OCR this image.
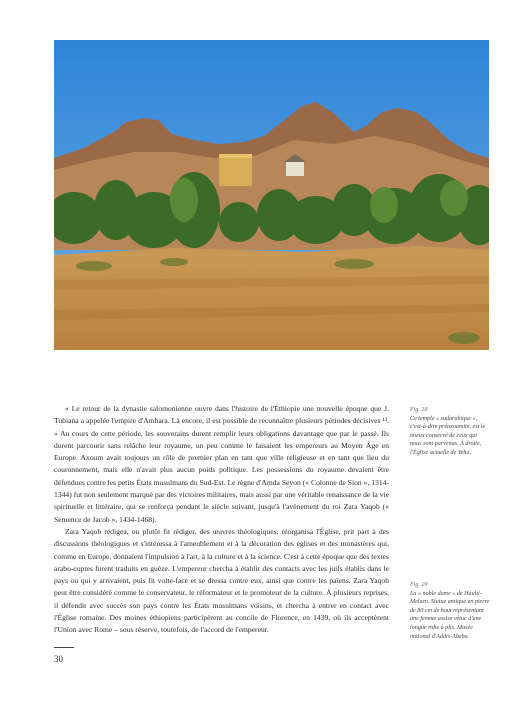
« Le retour de la dynastie salomonienne ouvre dans l'histoire de l'Éthiopie une nouvelle époque que J. Tubiana a appelée l'empire d'Amhara. Là encore, il est possible de reconnaître plusieurs périodes décisives ¹³. » Au cours de cette période, les souverains durent remplir leurs obligations davantage que par le passé. Ils durent parcourir sans relâche leur royaume, un peu comme le faisaient les empereurs au Moyen Âge en Europe. Axoum avait toujours un rôle de premier plan en tant que ville religieuse et en tant que lieu du couronnement, mais elle n'avait plus aucun poids politique. Les possessions du royaume devaient être défendues contre les petits États musulmans du Sud-Est. Le règne d'Amda Seyon (« Colonne de Sion », 1314-1344) fut non seulement marqué par des victoires militaires, mais aussi par une véritable renaissance de la vie spirituelle et littéraire, qui se renforça pendant le siècle suivant, jusqu'à l'avènement du roi Zara Yaqob (« Semence de Jacob », 1434-1468).

Zara Yaqob rédigea, ou plutôt fit rédiger, des œuvres théologiques, réorganisa l'Église, prit part à des discussions théologiques et s'intéressa à l'ameublement et à la décoration des églises et des monastères qui, comme en Europe, donnaient l'impulsion à l'art, à la culture et à la science. C'est à cette époque que des textes arabo-coptes furent traduits en guèze. L'empereur chercha à établir des contacts avec les juifs établis dans le pays ou qui y arrivaient, puis fit volte-face et se dressa contre eux, ainsi que contre les païens. Zara Yaqob peut être considéré comme le conservateur, le réformateur et le promoteur de la culture. À plusieurs reprises, il défendit avec succès son pays contre les États musulmans voisins, et chercha à entrer en contact avec l'Église romaine. Des moines éthiopiens participèrent au concile de Florence, en 1439, où ils acceptèrent l'Union avec Rome – sous réserve, toutefois, de l'accord de l'empereur.

Fig. 18
Ce temple « sudarabique », c'est-à-dire préaxoumite, est le mieux conservé de ceux qui nous sont parvenus. À droite, l'Église actuelle de Yeha.
Fig. 20
La « noble dame » de Haulti-Melazo. Statue antique en pierre de 80 cm de haut représentant une femme assise vêtue d'une longue robe à plis. Musée national d'Addis-Abeba.
30
